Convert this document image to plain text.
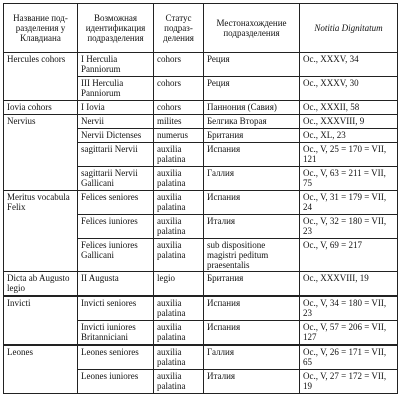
Название под-разделения у Клавдиана	Возможная идентификация подразделения	Статус подраз-деления	Местонахождение подразделения	Notitia Dignitatum
Hercules cohors	I Herculia Panniorum	cohors	Реция	Oc., XXXV, 34
	III Herculia Panniorum	cohors	Реция	Oc., XXXV, 30
Iovia cohors	I Iovia	cohors	Паннония (Савия)	Oc., XXXII, 58
Nervius	Nervii	milites	Белгика Вторая	Oc., XXXVIII, 9
	Nervii Dictenses	numerus	Британия	Oc., XL, 23
	sagittarii Nervii	auxilia palatina	Испания	Oc., V, 25 = 170 = VII, 121
	sagittarii Nervii Gallicani	auxilia palatina	Галлия	Oc., V, 63 = 211 = VII, 75
Meritus vocabula Felix	Felices seniores	auxilia palatina	Испания	Oc., V, 31 = 179 = VII, 24
	Felices iuniores	auxilia palatina	Италия	Oc., V, 32 = 180 = VII, 23
	Felices iuniores Gallicani	auxilia palatina	sub dispositione magistri peditum praesentalis	Oc., V, 69 = 217
Dicta ab Augusto legio	II Augusta	legio	Британия	Oc., XXXVIII, 19
Invicti	Invicti seniores	auxilia palatina	Испания	Oc., V, 34 = 180 = VII, 23
	Invicti iuniores Britanniciani	auxilia palatina	Испания	Oc., V, 57 = 206 = VII, 127
Leones	Leones seniores	auxilia palatina	Галлия	Oc., V, 26 = 171 = VII, 65
	Leones iuniores	auxilia palatina	Италия	Oc., V, 27 = 172 = VII, 19
